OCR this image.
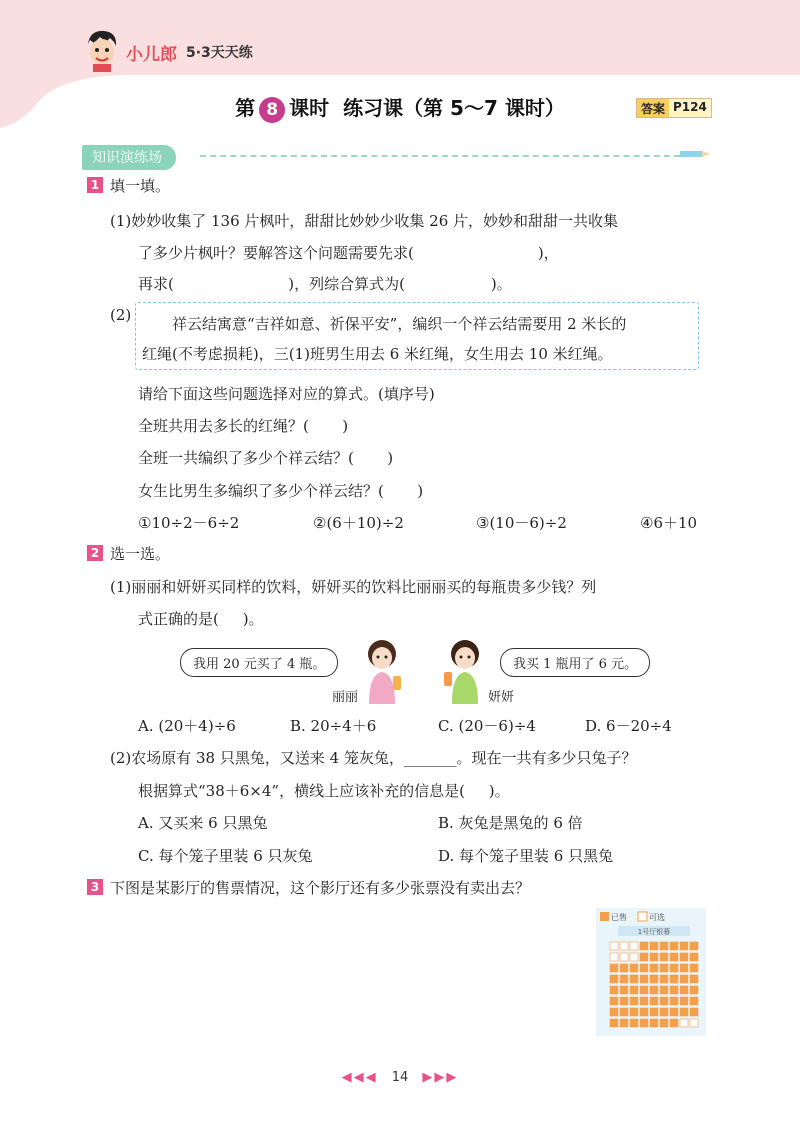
小儿郎 5·3天天练
第 8 课时  练习课（第 5～7 课时）	答案 P124
知识演练场
1 填一填。
(1)妙妙收集了 136 片枫叶，甜甜比妙妙少收集 26 片，妙妙和甜甜一共收集
了多少片枫叶？要解答这个问题需要先求(                          )，
再求(                        )，列综合算式为(                  )。
(2)	祥云结寓意“吉祥如意、祈保平安”，编织一个祥云结需要用 2 米长的
红绳(不考虑损耗)，三(1)班男生用去 6 米红绳，女生用去 10 米红绳。
请给下面这些问题选择对应的算式。(填序号)
全班共用去多长的红绳？(       )
全班一共编织了多少个祥云结？(       )
女生比男生多编织了多少个祥云结？(       )
①10÷2－6÷2	②(6＋10)÷2	③(10－6)÷2	④6＋10
2 选一选。
(1)丽丽和妍妍买同样的饮料，妍妍买的饮料比丽丽买的每瓶贵多少钱？列
式正确的是(     )。
我用 20 元买了 4 瓶。	我买 1 瓶用了 6 元。
丽丽	妍妍
A. (20＋4)÷6	B. 20÷4＋6	C. (20－6)÷4	D. 6－20÷4
(2)农场原有 38 只黑兔，又送来 4 笼灰兔，_______。现在一共有多少只兔子？
根据算式“38＋6×4”，横线上应该补充的信息是(     )。
A. 又买来 6 只黑兔	B. 灰兔是黑兔的 6 倍
C. 每个笼子里装 6 只灰兔	D. 每个笼子里装 6 只黑兔
3 下图是某影厅的售票情况，这个影厅还有多少张票没有卖出去？
已售	可选
1号厅银幕
◀◀◀ 14 ▶▶▶
